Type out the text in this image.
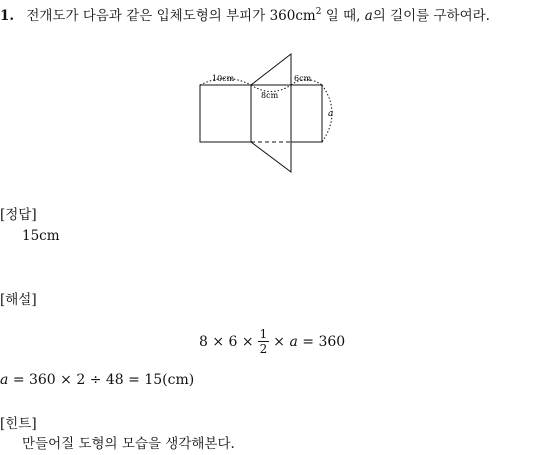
1. 전개도가 다음과 같은 입체도형의 부피가 $360cm^2$ 일 때, a의 길이를 구하여라.
10cm
8cm
6cm
a
[정답]
15cm
[해설]
$8 \times 6 \times \frac{1}{2}$ ×
a
= 360
a = 360 × 2 ÷ 48 = 15(cm)
[힌트]
만들어질 도형의 모습을 생각해본다.
